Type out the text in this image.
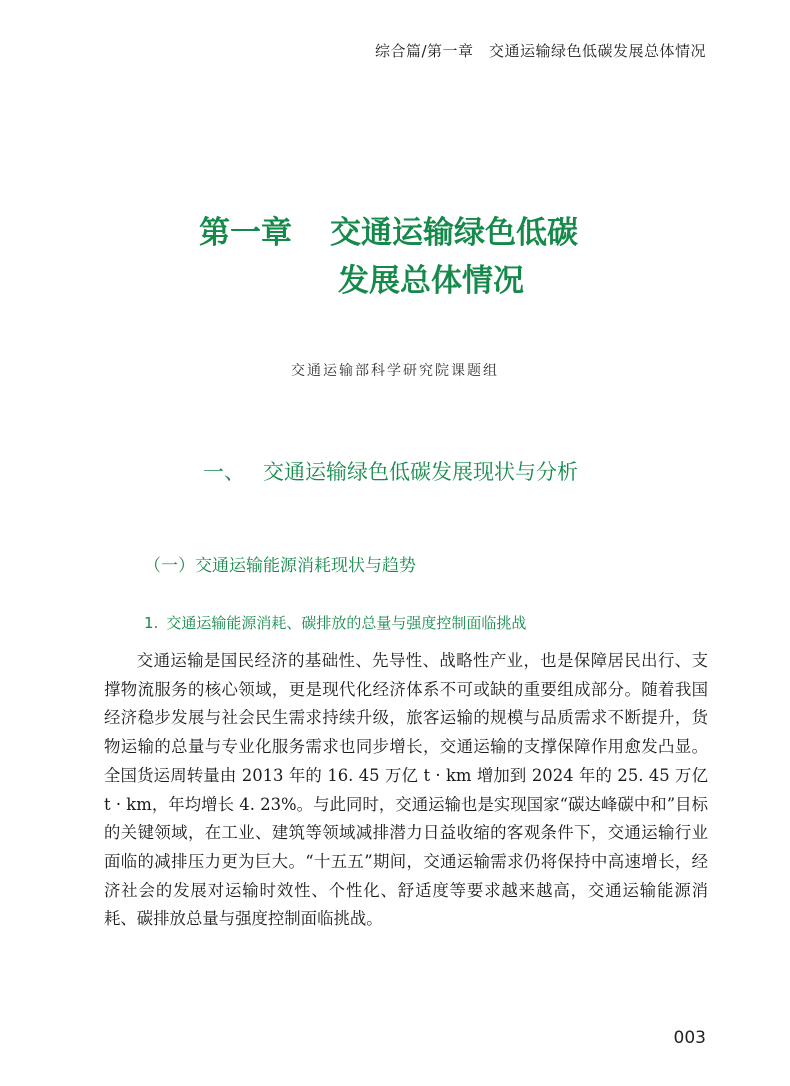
综合篇/第一章　交通运输绿色低碳发展总体情况
第一章 交通运输绿色低碳
发展总体情况
交通运输部科学研究院课题组
一、 交通运输绿色低碳发展现状与分析
（一）交通运输能源消耗现状与趋势
1. 交通运输能源消耗、碳排放的总量与强度控制面临挑战

交通运输是国民经济的基础性、先导性、战略性产业，也是保障居民出行、支撑物流服务的核心领域，更是现代化经济体系不可或缺的重要组成部分。随着我国经济稳步发展与社会民生需求持续升级，旅客运输的规模与品质需求不断提升，货物运输的总量与专业化服务需求也同步增长，交通运输的支撑保障作用愈发凸显。全国货运周转量由 2013 年的 16. 45 万亿 t · km 增加到 2024 年的 25. 45 万亿 t · km，年均增长 4. 23%。与此同时，交通运输也是实现国家“碳达峰碳中和”目标的关键领域，在工业、建筑等领域减排潜力日益收缩的客观条件下，交通运输行业面临的减排压力更为巨大。“十五五”期间，交通运输需求仍将保持中高速增长，经济社会的发展对运输时效性、个性化、舒适度等要求越来越高，交通运输能源消耗、碳排放总量与强度控制面临挑战。

003
